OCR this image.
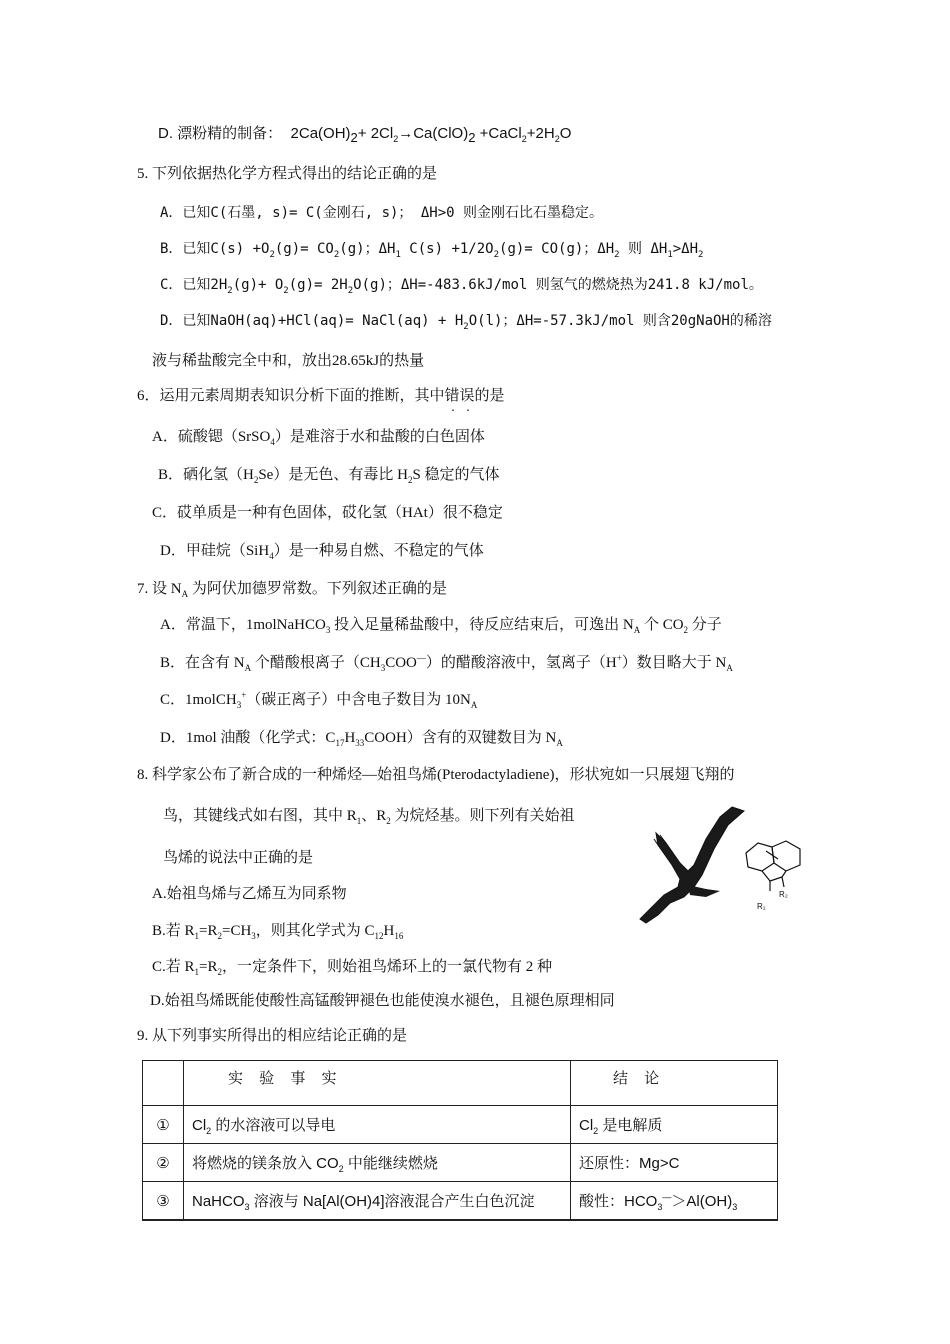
D. 漂粉精的制备： $2Ca(OH)2+ 2Cl_2\to Ca(ClO)2$ $+CaCl_2+2H_2O$
5. 下列依据热化学方程式得出的结论正确的是
A．已知C(石墨, s)= C(金刚石, s)； ΔH>0 则金刚石比石墨稳定。
B．已知$C(s) +O_2(g)= CO_2(g)$；$\Delta H_1$ $C(s) +1/2O_2(g)= CO(g)$；$\Delta H_2$ 则 $\Delta H_1>\Delta H_2$
C．已知$2H_2(g)+ O_2(g)= 2H_2O(g)$；ΔH=-483.6kJ/mol 则氢气的燃烧热为241.8 kJ/mol。
D．已知NaOH(aq)+HCl(aq)= NaCl(aq) + $H_2O(l)$；ΔH=-57.3kJ/mol 则含20gNaOH的稀溶
液与稀盐酸完全中和，放出28.65kJ的热量
6．运用元素周期表知识分析下面的推断，其中错误的是
A．硫酸锶（SrSO$_4$）是难溶于水和盐酸的白色固体
B．硒化氢$(H_2Se)$是无色、有毒比 $H_2S$ 稳定的气体
C．砹单质是一种有色固体，砹化氢（HAt）很不稳定
D．甲硅烷（SiH$_4$）是一种易自燃、不稳定的气体
7. 设 $N_A$ 为阿伏加德罗常数。下列叙述正确的是
A．常温下，1molNaHCO$_3$ 投入足量稀盐酸中，待反应结束后，可逸出 $N_A$ 个 $CO_2$ 分子
B．在含有 $N_A$ 个醋酸根离子$(CH_3COO^—)$的醋酸溶液中，氢离子（H+）数目略大于 $N_A$
C．1molCH$_3$+（碳正离子）中含电子数目为 $10N_A$
D．1mol 油酸（化学式：$C_{17}H_{33}COOH$）含有的双键数目为 $N_A$
8. 科学家公布了新合成的一种烯烃—始祖鸟烯(Pterodactyladiene)，形状宛如一只展翅飞翔的
鸟，其键线式如右图，其中 $R_1$、$R_2$ 为烷烃基。则下列有关始祖
鸟烯的说法中正确的是
A.始祖鸟烯与乙烯互为同系物
B.若 $R_1=R_2=CH_3$，则其化学式为 $C_{12}H_{16}$
C.若 $R_1=R_2$，一定条件下，则始祖鸟烯环上的一氯代物有 2 种
D.始祖鸟烯既能使酸性高锰酸钾褪色也能使溴水褪色，且褪色原理相同
R₁
R₂
9. 从下列事实所得出的相应结论正确的是
	实 验 事 实	结 论
①	$Cl_2$ 的水溶液可以导电	$Cl_2$ 是电解质
②	将燃烧的镁条放入 $CO_2$ 中能继续燃烧	还原性：Mg>C
③	NaHCO$_3$ 溶液与 Na[Al(OH)4]溶液混合产生白色沉淀	酸性：$HCO_3^—>Al(OH)_3$
